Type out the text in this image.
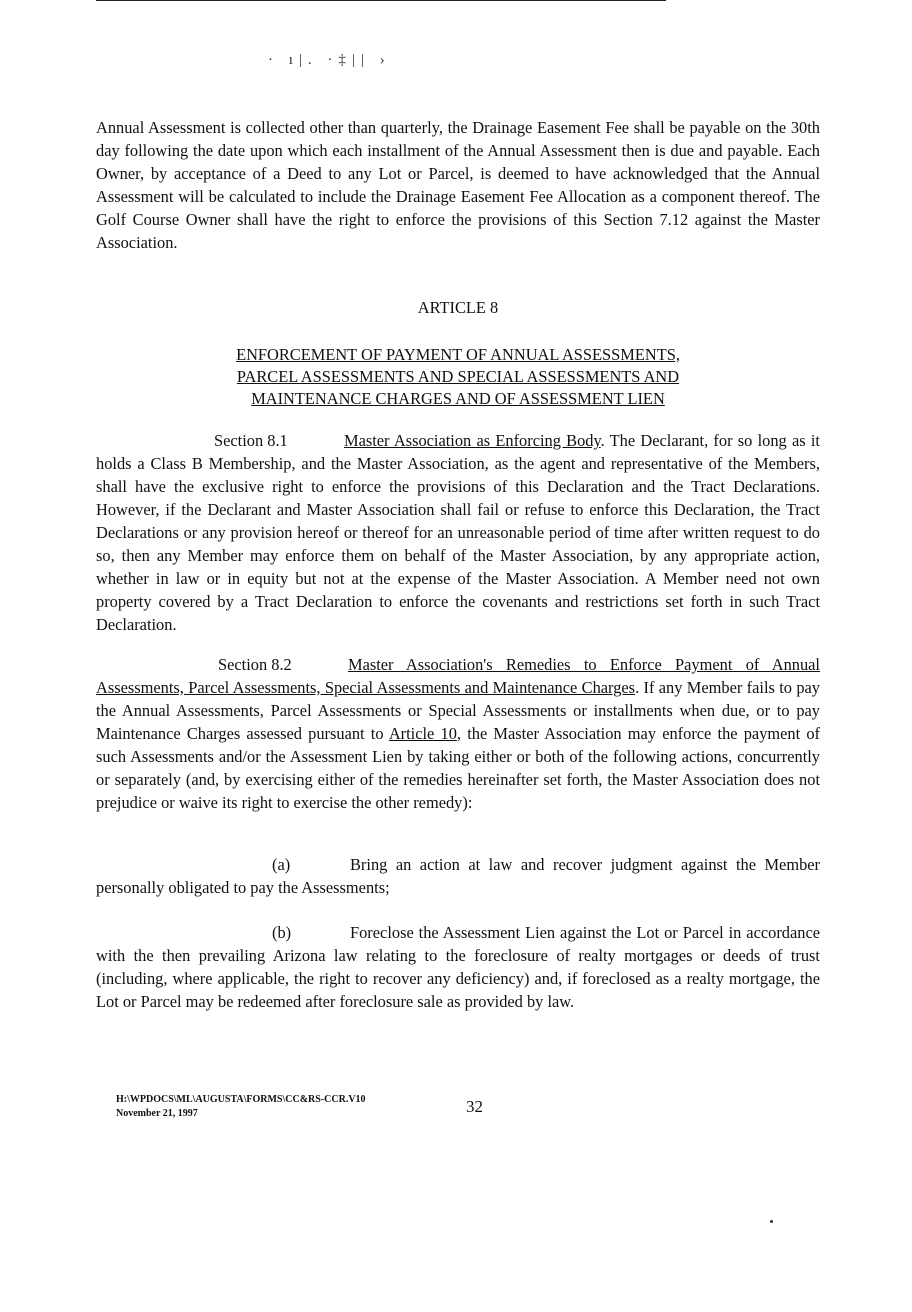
· ı|. ·‡|| ›

Annual Assessment is collected other than quarterly, the Drainage Easement Fee shall be payable on the 30th day following the date upon which each installment of the Annual Assessment then is due and payable. Each Owner, by acceptance of a Deed to any Lot or Parcel, is deemed to have acknowledged that the Annual Assessment will be calculated to include the Drainage Easement Fee Allocation as a component thereof. The Golf Course Owner shall have the right to enforce the provisions of this Section 7.12 against the Master Association.

ARTICLE 8

ENFORCEMENT OF PAYMENT OF ANNUAL ASSESSMENTS,
PARCEL ASSESSMENTS AND SPECIAL ASSESSMENTS AND
MAINTENANCE CHARGES AND OF ASSESSMENT LIEN

Section 8.1	Master Association as Enforcing Body. The Declarant, for so long as it holds a Class B Membership, and the Master Association, as the agent and representative of the Members, shall have the exclusive right to enforce the provisions of this Declaration and the Tract Declarations. However, if the Declarant and Master Association shall fail or refuse to enforce this Declaration, the Tract Declarations or any provision hereof or thereof for an unreasonable period of time after written request to do so, then any Member may enforce them on behalf of the Master Association, by any appropriate action, whether in law or in equity but not at the expense of the Master Association. A Member need not own property covered by a Tract Declaration to enforce the covenants and restrictions set forth in such Tract Declaration.

Section 8.2	Master Association's Remedies to Enforce Payment of Annual Assessments, Parcel Assessments, Special Assessments and Maintenance Charges. If any Member fails to pay the Annual Assessments, Parcel Assessments or Special Assessments or installments when due, or to pay Maintenance Charges assessed pursuant to Article 10, the Master Association may enforce the payment of such Assessments and/or the Assessment Lien by taking either or both of the following actions, concurrently or separately (and, by exercising either of the remedies hereinafter set forth, the Master Association does not prejudice or waive its right to exercise the other remedy):

(a)	Bring an action at law and recover judgment against the Member personally obligated to pay the Assessments;

(b)	Foreclose the Assessment Lien against the Lot or Parcel in accordance with the then prevailing Arizona law relating to the foreclosure of realty mortgages or deeds of trust (including, where applicable, the right to recover any deficiency) and, if foreclosed as a realty mortgage, the Lot or Parcel may be redeemed after foreclosure sale as provided by law.

H:\WPDOCS\ML\AUGUSTA\FORMS\CC&RS-CCR.V10
November 21, 1997	32
